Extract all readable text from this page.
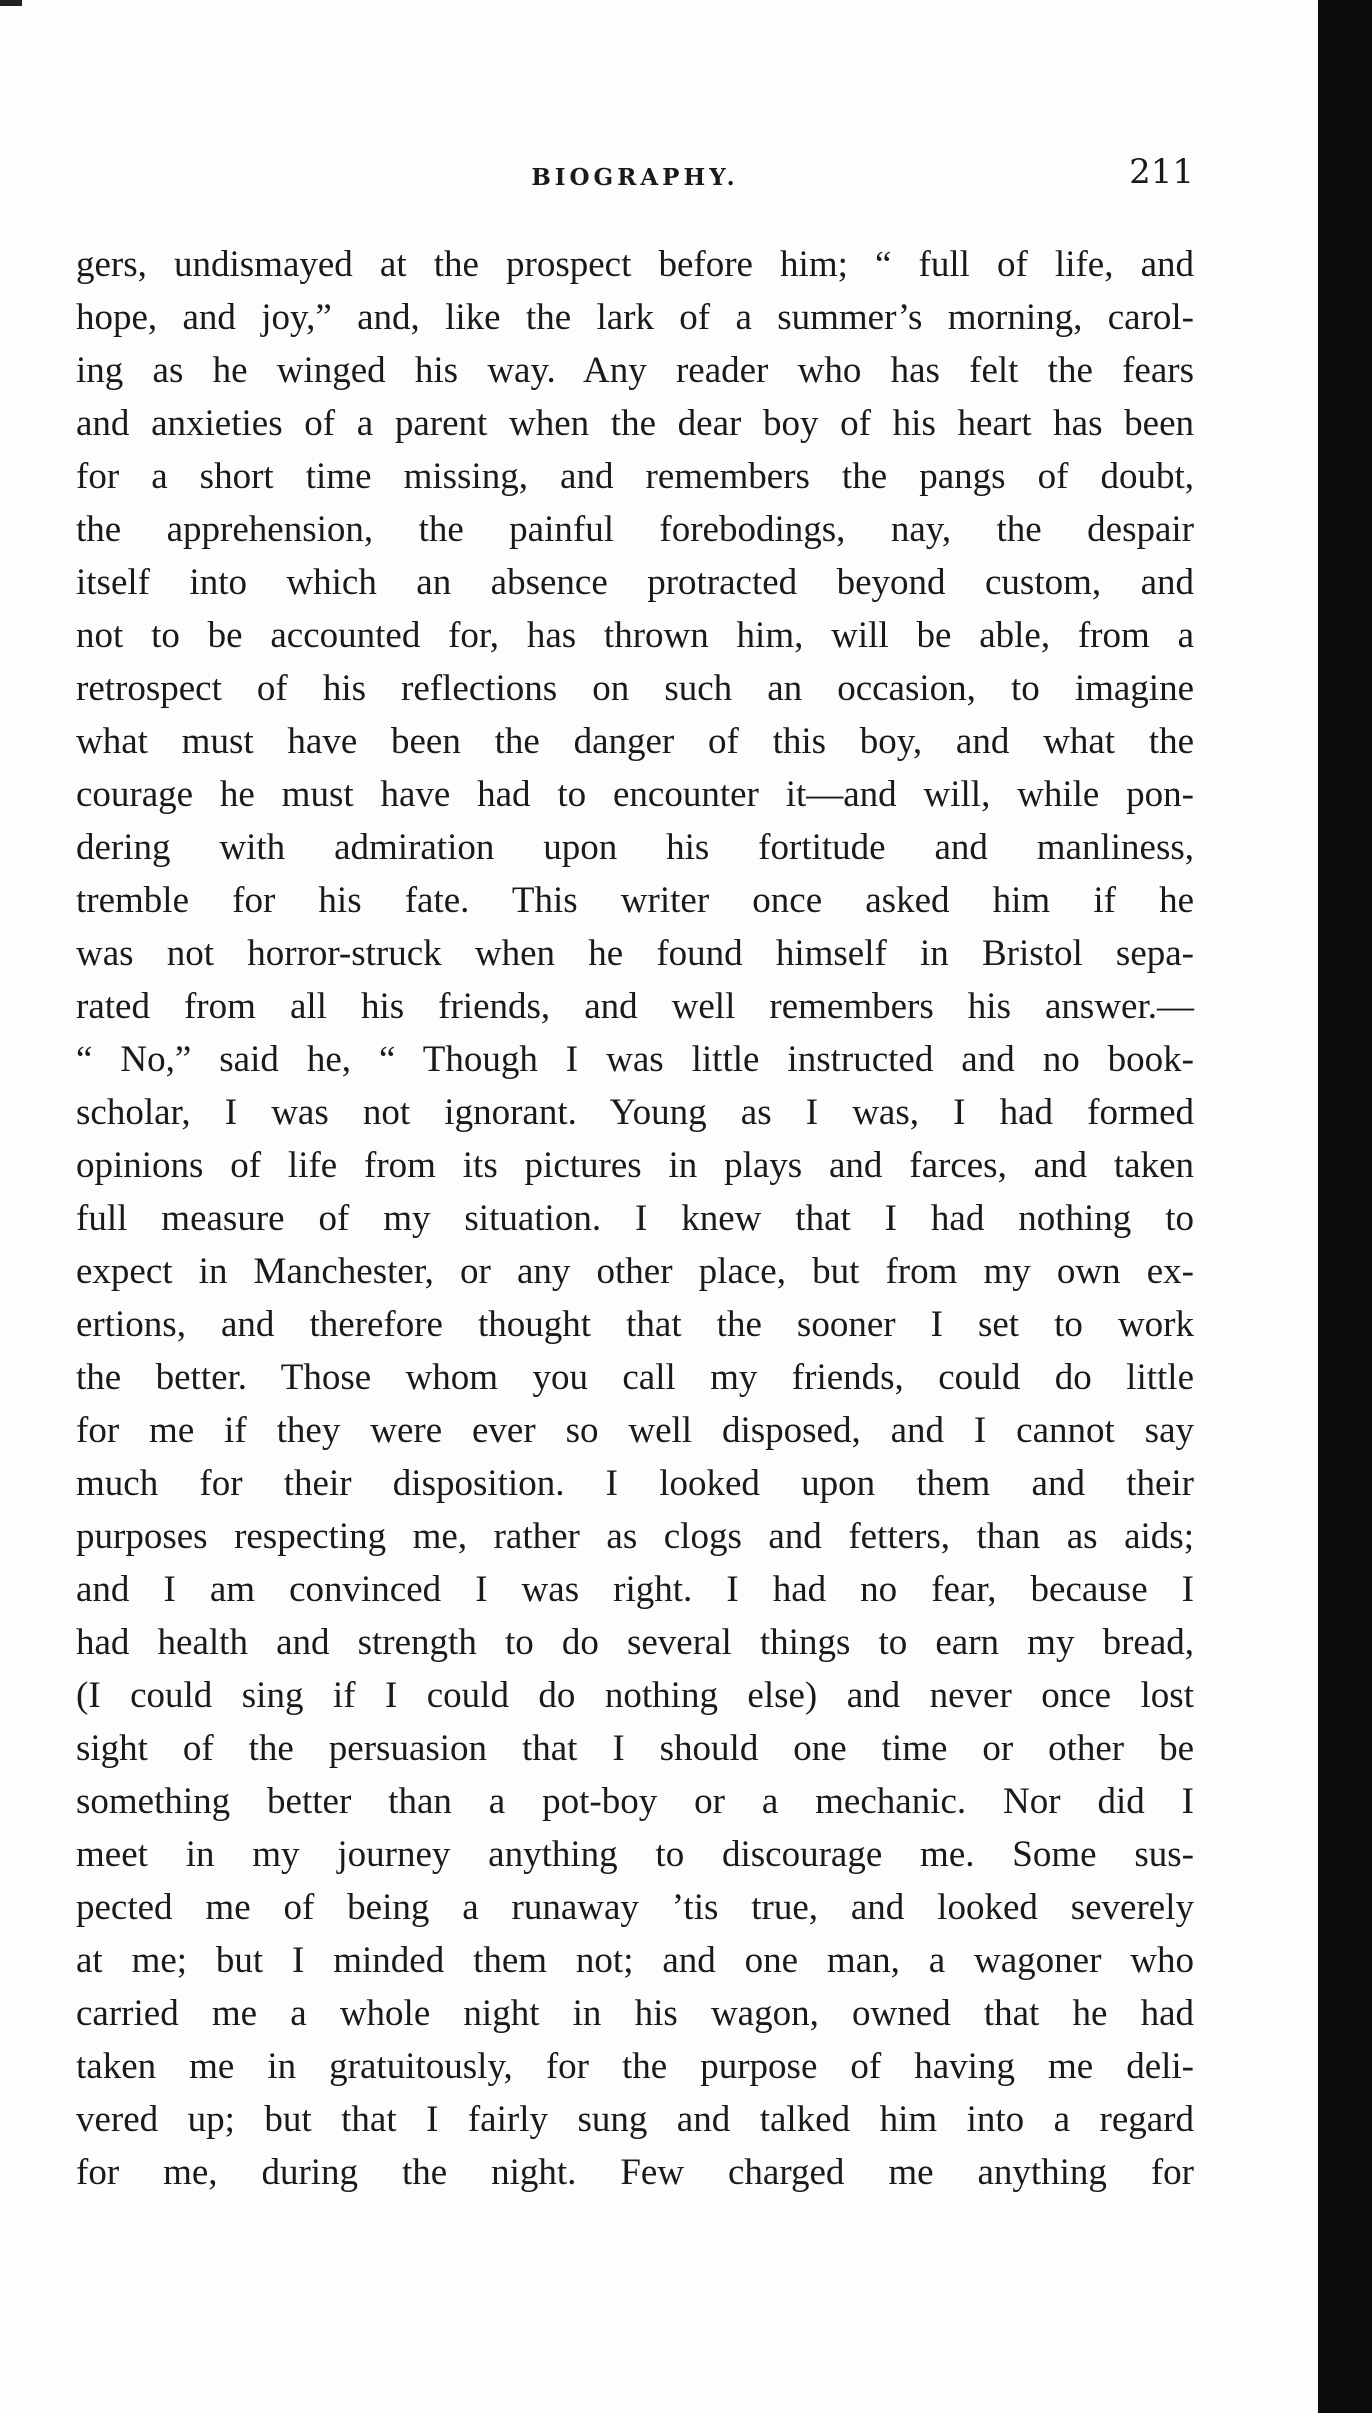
BIOGRAPHY.	211
gers, undismayed at the prospect before him; “ full of life, and
hope, and joy,” and, like the lark of a summer’s morning, carol-
ing as he winged his way. Any reader who has felt the fears
and anxieties of a parent when the dear boy of his heart has been
for a short time missing, and remembers the pangs of doubt,
the apprehension, the painful forebodings, nay, the despair
itself into which an absence protracted beyond custom, and
not to be accounted for, has thrown him, will be able, from a
retrospect of his reflections on such an occasion, to imagine
what must have been the danger of this boy, and what the
courage he must have had to encounter it—and will, while pon-
dering with admiration upon his fortitude and manliness,
tremble for his fate. This writer once asked him if he
was not horror-struck when he found himself in Bristol sepa-
rated from all his friends, and well remembers his answer.—
“ No,” said he, “ Though I was little instructed and no book-
scholar, I was not ignorant. Young as I was, I had formed
opinions of life from its pictures in plays and farces, and taken
full measure of my situation. I knew that I had nothing to
expect in Manchester, or any other place, but from my own ex-
ertions, and therefore thought that the sooner I set to work
the better. Those whom you call my friends, could do little
for me if they were ever so well disposed, and I cannot say
much for their disposition. I looked upon them and their
purposes respecting me, rather as clogs and fetters, than as aids;
and I am convinced I was right. I had no fear, because I
had health and strength to do several things to earn my bread,
(I could sing if I could do nothing else) and never once lost
sight of the persuasion that I should one time or other be
something better than a pot-boy or a mechanic. Nor did I
meet in my journey anything to discourage me. Some sus-
pected me of being a runaway ’tis true, and looked severely
at me; but I minded them not; and one man, a wagoner who
carried me a whole night in his wagon, owned that he had
taken me in gratuitously, for the purpose of having me deli-
vered up; but that I fairly sung and talked him into a regard
for me, during the night. Few charged me anything for
